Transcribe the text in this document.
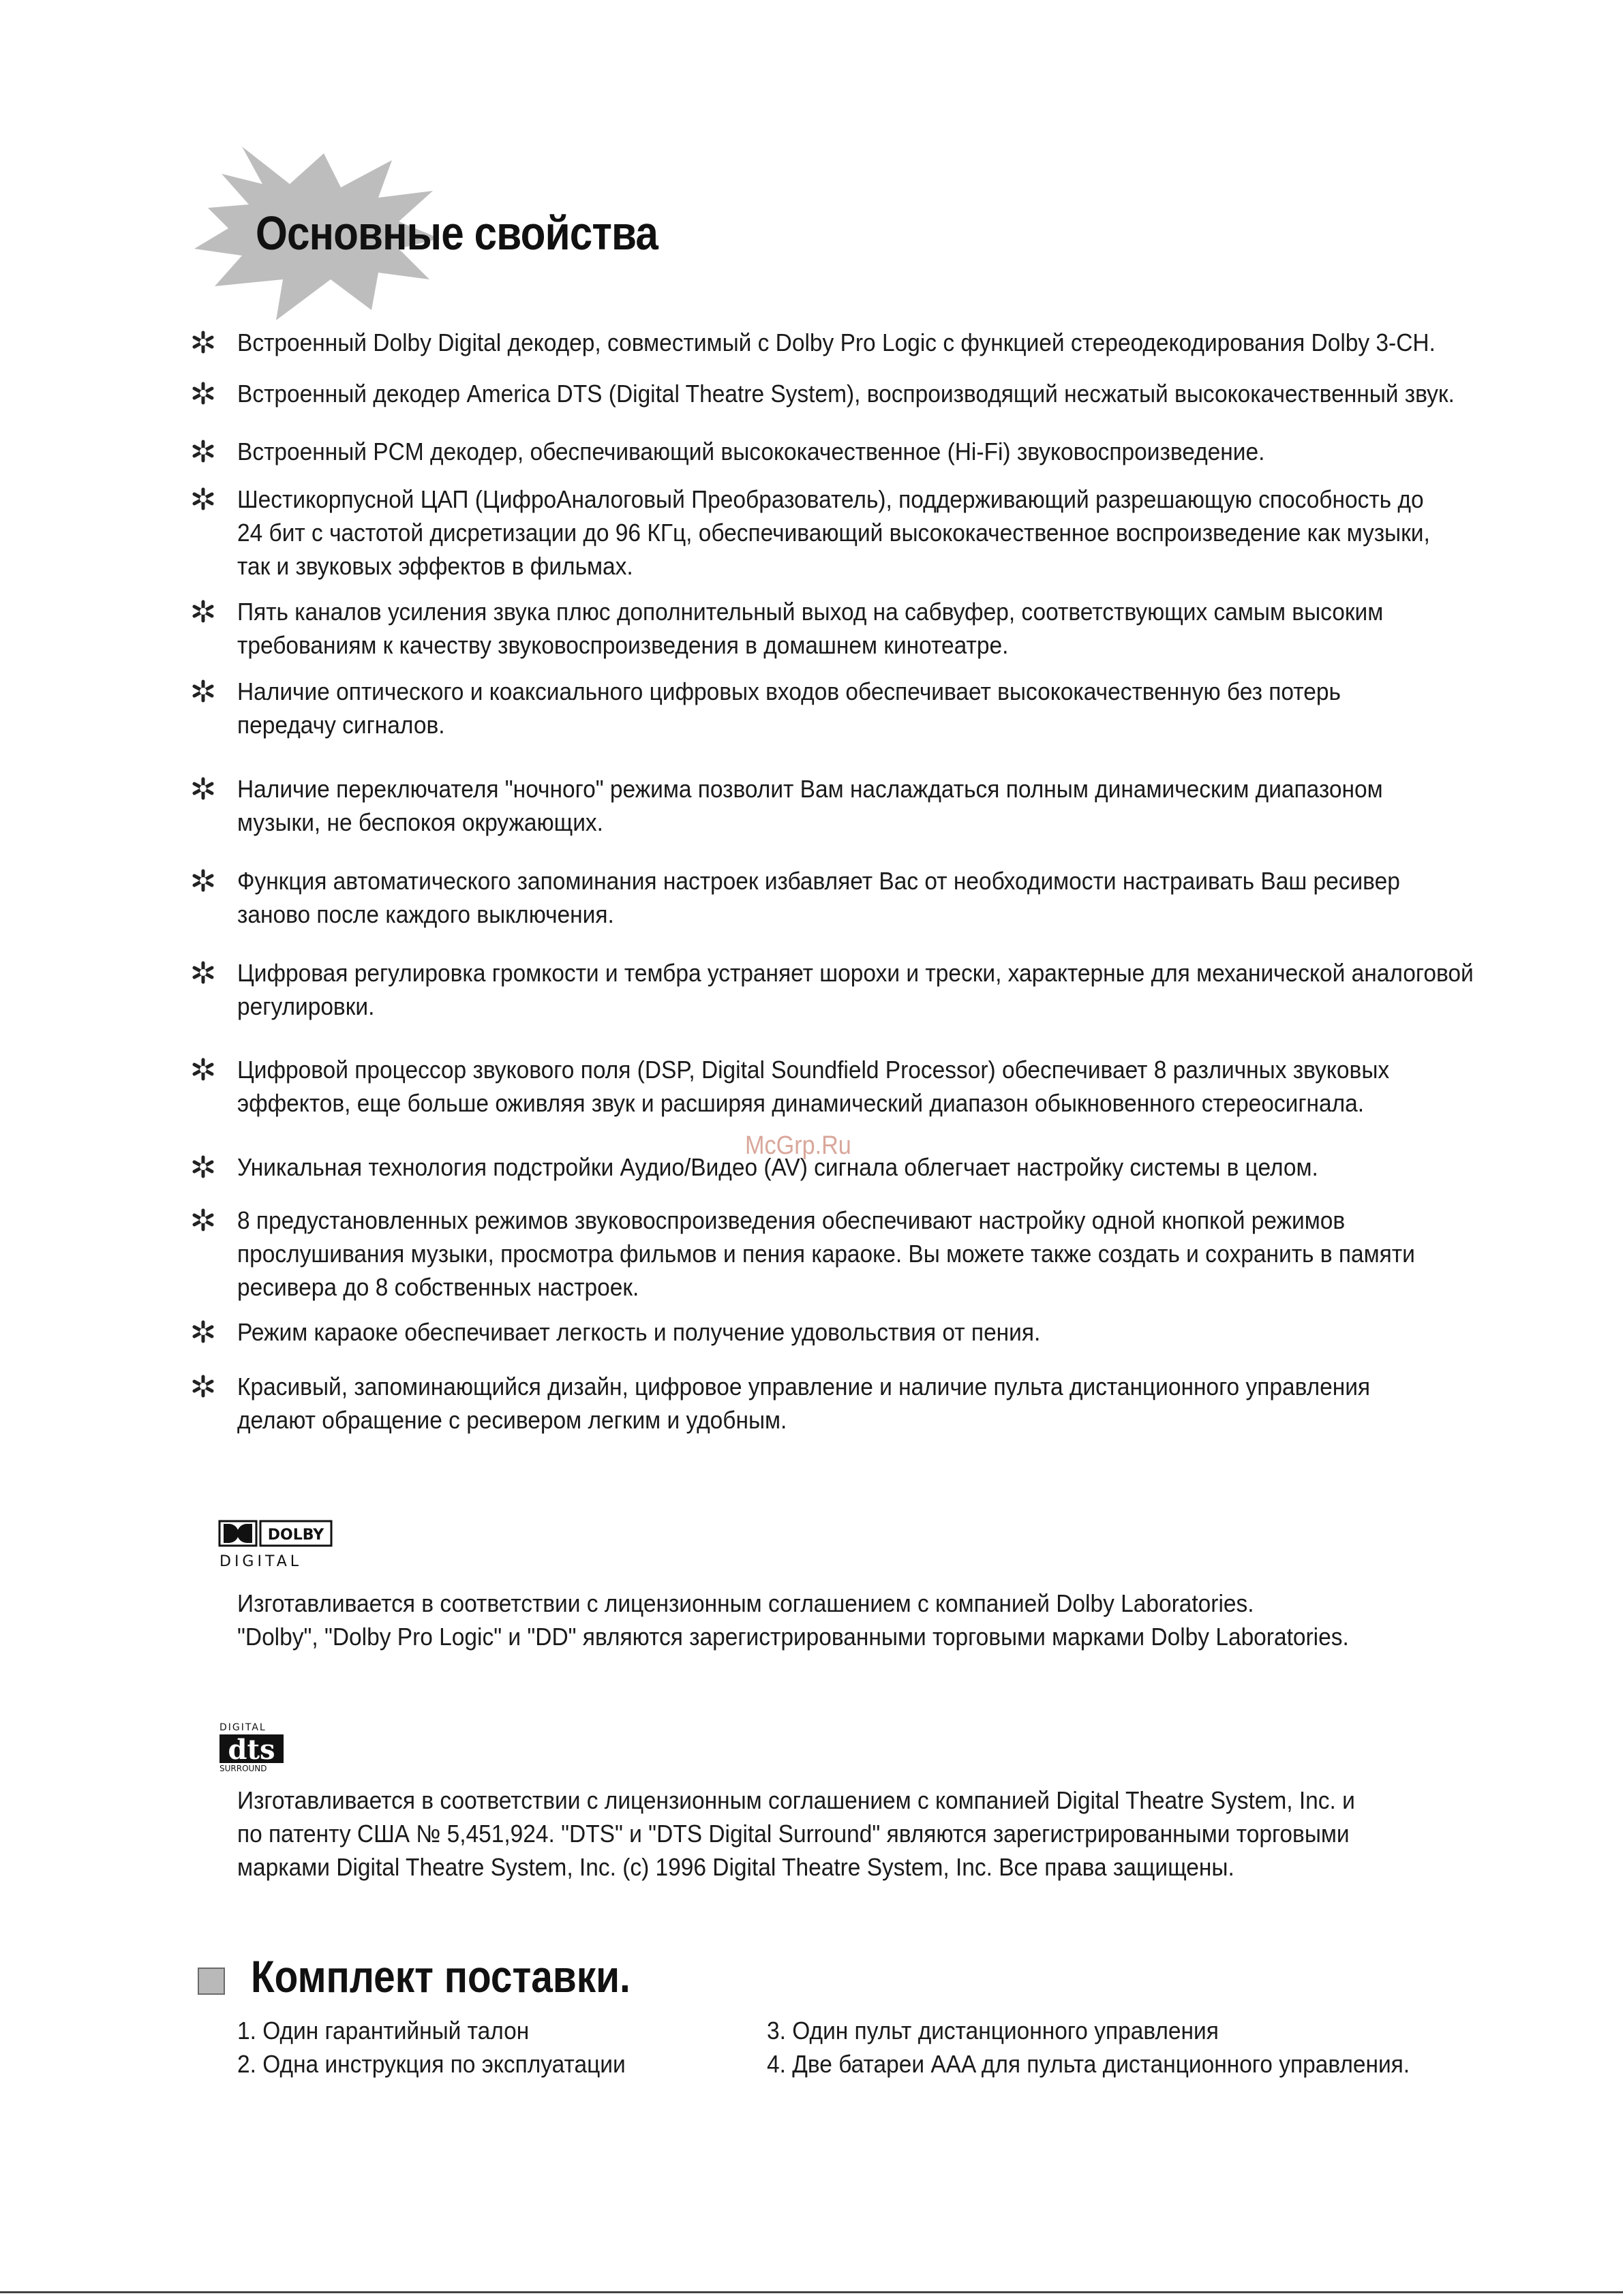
Основные свойства
Встроенный Dolby Digital декодер, совместимый с Dolby Pro Logic с функцией стереодекодирования Dolby 3-CH.
Встроенный декодер America DTS (Digital Theatre System), воспроизводящий несжатый высококачественный звук.
Встроенный PCM декодер, обеспечивающий высококачественное (Hi-Fi) звуковоспроизведение.
Шестикорпусной ЦАП (ЦифроАналоговый Преобразователь), поддерживающий разрешающую способность до
24 бит с частотой дисретизации до 96 КГц, обеспечивающий высококачественное воспроизведение как музыки,
так и звуковых эффектов в фильмах.
Пять каналов усиления звука плюс дополнительный выход на сабвуфер, соответствующих самым высоким
требованиям к качеству звуковоспроизведения в домашнем кинотеатре.
Наличие оптического и коаксиального цифровых входов обеспечивает высококачественную без потерь
передачу сигналов.
Наличие переключателя "ночного" режима позволит Вам наслаждаться полным динамическим диапазоном
музыки, не беспокоя окружающих.
Функция автоматического запоминания настроек избавляет Вас от необходимости настраивать Ваш ресивер
заново после каждого выключения.
Цифровая регулировка громкости и тембра устраняет шорохи и трески, характерные для механической аналоговой
регулировки.
Цифровой процессор звукового поля (DSP, Digital Soundfield Processor) обеспечивает 8 различных звуковых
эффектов, еще больше оживляя звук и расширяя динамический диапазон обыкновенного стереосигнала.
Уникальная технология подстройки Аудио/Видео (AV) сигнала облегчает настройку системы в целом.
8 предустановленных режимов звуковоспроизведения обеспечивают настройку одной кнопкой режимов
прослушивания музыки, просмотра фильмов и пения караоке. Вы можете также создать и сохранить в памяти
ресивера до 8 собственных настроек.
Режим караоке обеспечивает легкость и получение удовольствия от пения.
Красивый, запоминающийся дизайн, цифровое управление и наличие пульта дистанционного управления
делают обращение с ресивером легким и удобным.
McGrp.Ru
DOLBY
DIGITAL

Изготавливается в соответствии с лицензионным соглашением с компанией Dolby Laboratories.

"Dolby", "Dolby Pro Logic" и "DD" являются зарегистрированными торговыми марками Dolby Laboratories.

DIGITAL
dts
SURROUND

Изготавливается в соответствии с лицензионным соглашением с компанией Digital Theatre System, Inc. и

по патенту США № 5,451,924. "DTS" и "DTS Digital Surround" являются зарегистрированными торговыми

марками Digital Theatre System, Inc. (c) 1996 Digital Theatre System, Inc. Все права защищены.

Комплект поставки.
1. Один гарантийный талон
2. Одна инструкция по эксплуатации
3. Один пульт дистанционного управления
4. Две батареи AAA для пульта дистанционного управления.
